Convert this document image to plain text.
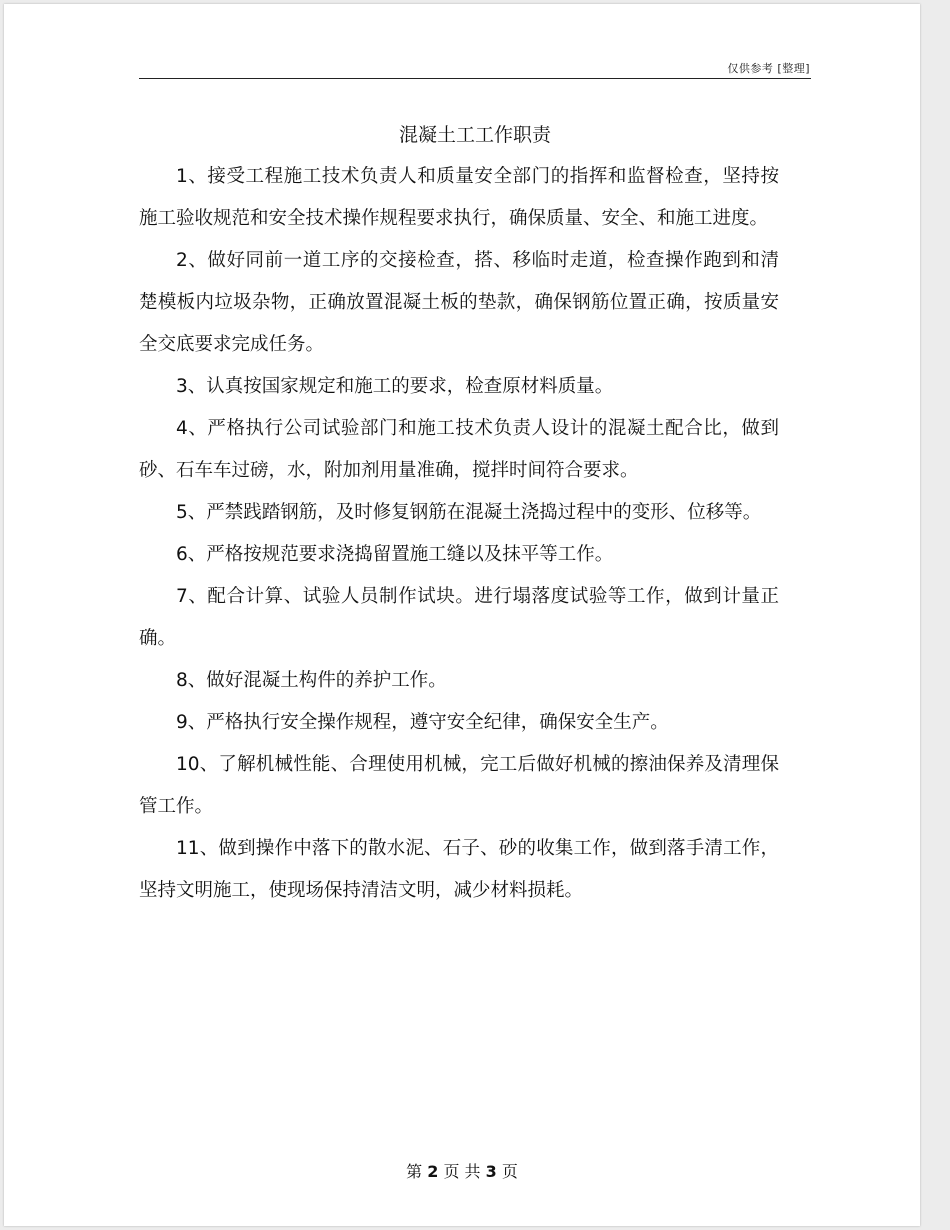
仅供参考 [整理]
混凝土工工作职责

1、接受工程施工技术负责人和质量安全部门的指挥和监督检查，坚持按施工验收规范和安全技术操作规程要求执行，确保质量、安全、和施工进度。

2、做好同前一道工序的交接检查，搭、移临时走道，检查操作跑到和清楚模板内垃圾杂物，正确放置混凝土板的垫款，确保钢筋位置正确，按质量安全交底要求完成任务。

3、认真按国家规定和施工的要求，检查原材料质量。

4、严格执行公司试验部门和施工技术负责人设计的混凝土配合比，做到砂、石车车过磅，水，附加剂用量准确，搅拌时间符合要求。

5、严禁践踏钢筋，及时修复钢筋在混凝土浇捣过程中的变形、位移等。

6、严格按规范要求浇捣留置施工缝以及抹平等工作。

7、配合计算、试验人员制作试块。进行塌落度试验等工作，做到计量正确。

8、做好混凝土构件的养护工作。

9、严格执行安全操作规程，遵守安全纪律，确保安全生产。

10、了解机械性能、合理使用机械，完工后做好机械的擦油保养及清理保管工作。

11、做到操作中落下的散水泥、石子、砂的收集工作，做到落手清工作，坚持文明施工，使现场保持清洁文明，减少材料损耗。

第 2 页 共 3 页
